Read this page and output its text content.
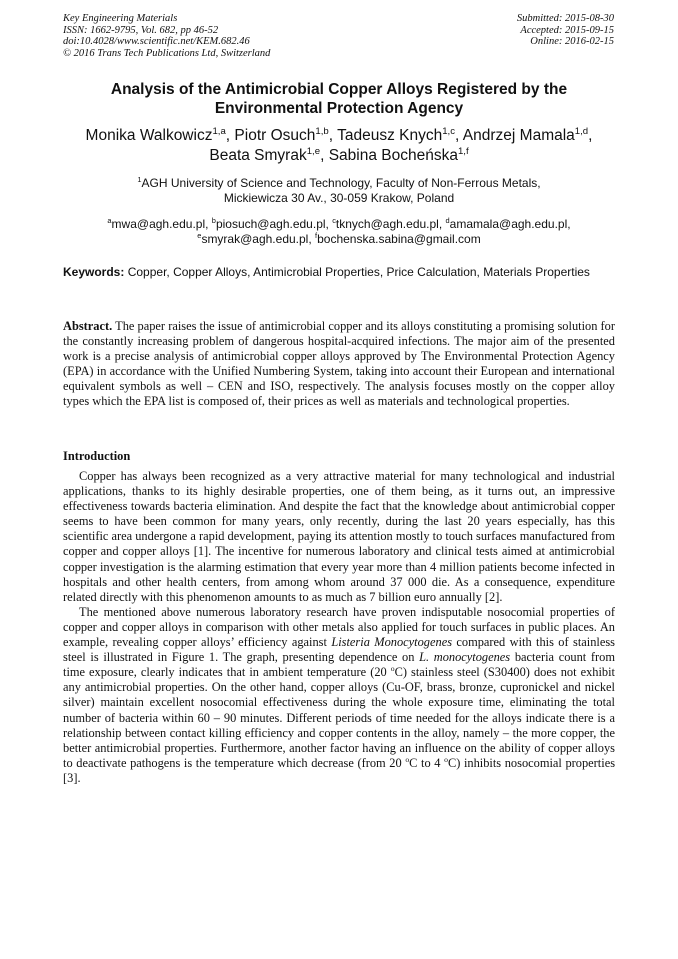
Key Engineering Materials
ISSN: 1662-9795, Vol. 682, pp 46-52
doi:10.4028/www.scientific.net/KEM.682.46
© 2016 Trans Tech Publications Ltd, Switzerland
Submitted: 2015-08-30
Accepted: 2015-09-15
Online: 2016-02-15
Analysis of the Antimicrobial Copper Alloys Registered by the
Environmental Protection Agency
Monika Walkowicz$^{1,a}$, Piotr Osuch$^{1,b}$, Tadeusz Knych$^{1,c}$, Andrzej Mamala$^{1,d}$,
Beata Smyrak$^{1,e}$, Sabina Bocheńska$^{1,f}$
$^1$AGH University of Science and Technology, Faculty of Non-Ferrous Metals,
Mickiewicza 30 Av., 30-059 Krakow, Poland
$^a$mwa@agh.edu.pl, $^b$piosuch@agh.edu.pl, $^c$tknych@agh.edu.pl, $^d$amamala@agh.edu.pl,
$^e$smyrak@agh.edu.pl, $^f$bochenska.sabina@gmail.com
Keywords: Copper, Copper Alloys, Antimicrobial Properties, Price Calculation, Materials Properties
Abstract. The paper raises the issue of antimicrobial copper and its alloys constituting a promising solution for the constantly increasing problem of dangerous hospital-acquired infections. The major aim of the presented work is a precise analysis of antimicrobial copper alloys approved by The Environmental Protection Agency (EPA) in accordance with the Unified Numbering System, taking into account their European and international equivalent symbols as well – CEN and ISO, respectively. The analysis focuses mostly on the copper alloy types which the EPA list is composed of, their prices as well as materials and technological properties.
Introduction

Copper has always been recognized as a very attractive material for many technological and industrial applications, thanks to its highly desirable properties, one of them being, as it turns out, an impressive effectiveness towards bacteria elimination. And despite the fact that the knowledge about antimicrobial copper seems to have been common for many years, only recently, during the last 20 years especially, has this scientific area undergone a rapid development, paying its attention mostly to touch surfaces manufactured from copper and copper alloys [1]. The incentive for numerous laboratory and clinical tests aimed at antimicrobial copper investigation is the alarming estimation that every year more than 4 million patients become infected in hospitals and other health centers, from among whom around 37 000 die. As a consequence, expenditure related directly with this phenomenon amounts to as much as 7 billion euro annually [2].

The mentioned above numerous laboratory research have proven indisputable nosocomial properties of copper and copper alloys in comparison with other metals also applied for touch surfaces in public places. An example, revealing copper alloys’ efficiency against Listeria Monocytogenes compared with this of stainless steel is illustrated in Figure 1. The graph, presenting dependence on L. monocytogenes bacteria count from time exposure, clearly indicates that in ambient temperature (20 $^o$C) stainless steel (S30400) does not exhibit any antimicrobial properties. On the other hand, copper alloys (Cu-OF, brass, bronze, cupronickel and nickel silver) maintain excellent nosocomial effectiveness during the whole exposure time, eliminating the total number of bacteria within 60 – 90 minutes. Different periods of time needed for the alloys indicate there is a relationship between contact killing efficiency and copper contents in the alloy, namely – the more copper, the better antimicrobial properties. Furthermore, another factor having an influence on the ability of copper alloys to deactivate pathogens is the temperature which decrease (from 20 $^o$C to 4 $^o$C) inhibits nosocomial properties [3].
